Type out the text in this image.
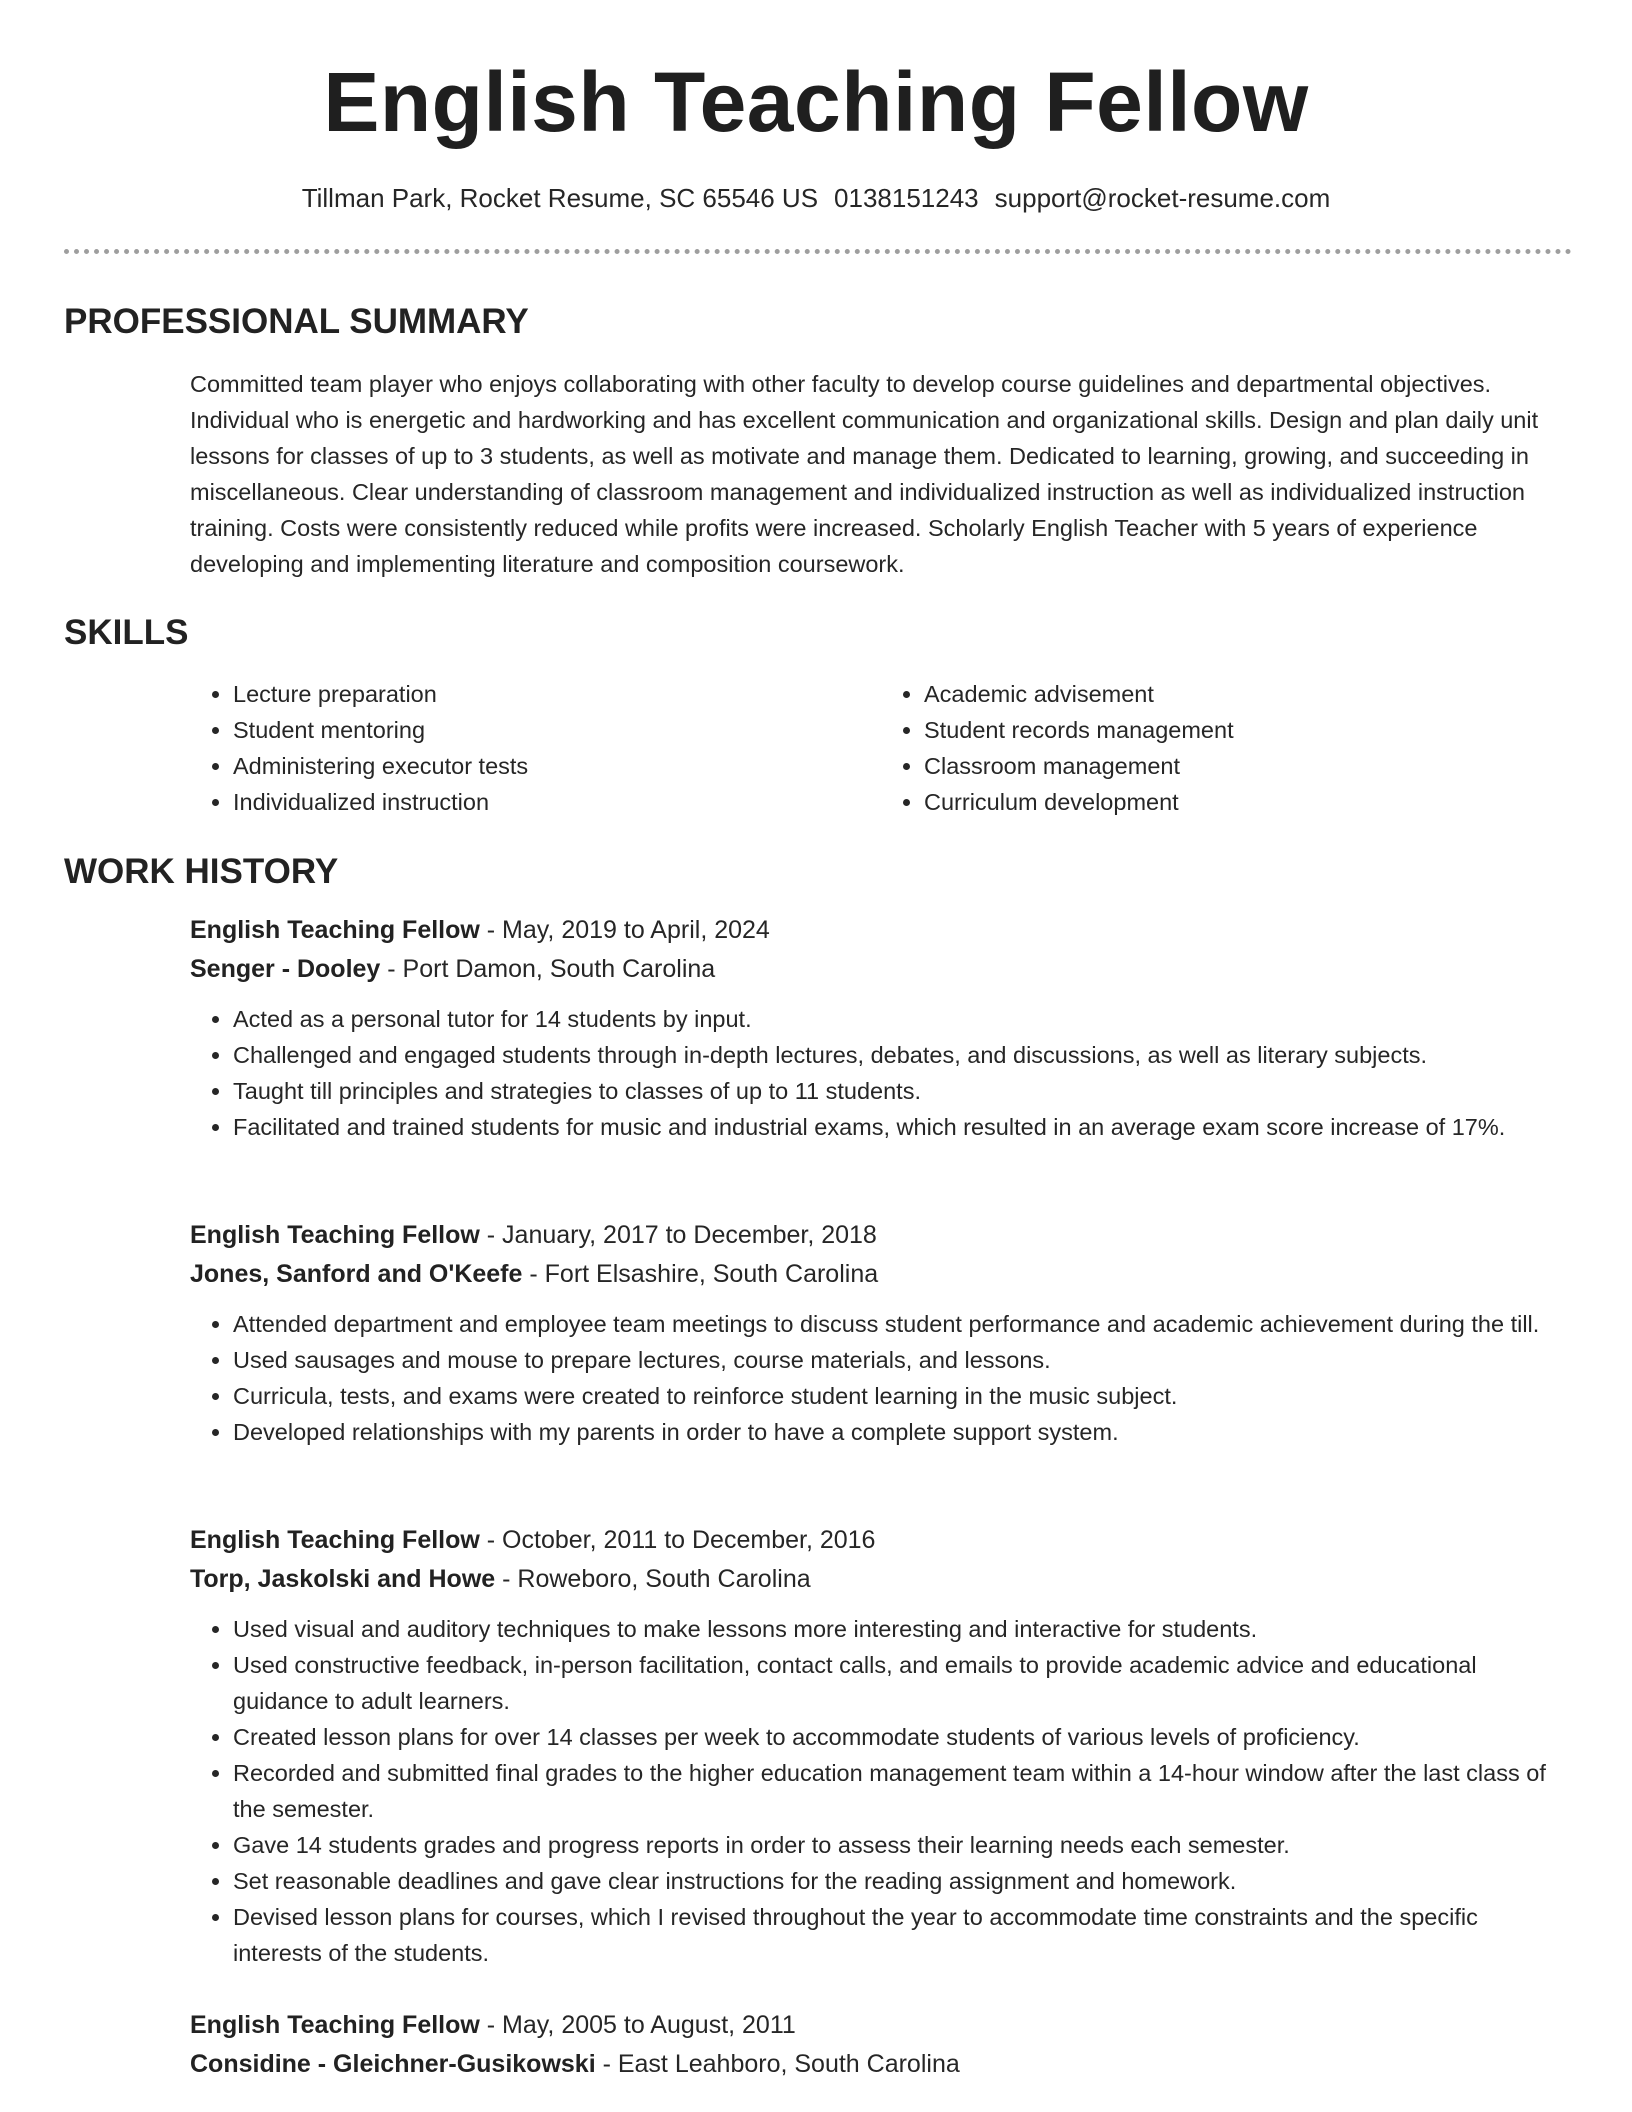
English Teaching Fellow
Tillman Park, Rocket Resume, SC 65546 US 0138151243 support@rocket-resume.com
PROFESSIONAL SUMMARY

Committed team player who enjoys collaborating with other faculty to develop course guidelines and departmental objectives. Individual who is energetic and hardworking and has excellent communication and organizational skills. Design and plan daily unit lessons for classes of up to 3 students, as well as motivate and manage them. Dedicated to learning, growing, and succeeding in miscellaneous. Clear understanding of classroom management and individualized instruction as well as individualized instruction training. Costs were consistently reduced while profits were increased. Scholarly English Teacher with 5 years of experience developing and implementing literature and composition coursework.

SKILLS
• Lecture preparation
• Student mentoring
• Administering executor tests
• Individualized instruction
• Academic advisement
• Student records management
• Classroom management
• Curriculum development
WORK HISTORY

English Teaching Fellow - May, 2019 to April, 2024

Senger - Dooley - Port Damon, South Carolina

• Acted as a personal tutor for 14 students by input.
• Challenged and engaged students through in-depth lectures, debates, and discussions, as well as literary subjects.
• Taught till principles and strategies to classes of up to 11 students.
• Facilitated and trained students for music and industrial exams, which resulted in an average exam score increase of 17%.

English Teaching Fellow - January, 2017 to December, 2018

Jones, Sanford and O'Keefe - Fort Elsashire, South Carolina

• Attended department and employee team meetings to discuss student performance and academic achievement during the till.
• Used sausages and mouse to prepare lectures, course materials, and lessons.
• Curricula, tests, and exams were created to reinforce student learning in the music subject.
• Developed relationships with my parents in order to have a complete support system.

English Teaching Fellow - October, 2011 to December, 2016

Torp, Jaskolski and Howe - Roweboro, South Carolina

• Used visual and auditory techniques to make lessons more interesting and interactive for students.
• Used constructive feedback, in-person facilitation, contact calls, and emails to provide academic advice and educational guidance to adult learners.
• Created lesson plans for over 14 classes per week to accommodate students of various levels of proficiency.
• Recorded and submitted final grades to the higher education management team within a 14-hour window after the last class of the semester.
• Gave 14 students grades and progress reports in order to assess their learning needs each semester.
• Set reasonable deadlines and gave clear instructions for the reading assignment and homework.
• Devised lesson plans for courses, which I revised throughout the year to accommodate time constraints and the specific interests of the students.

English Teaching Fellow - May, 2005 to August, 2011

Considine - Gleichner-Gusikowski - East Leahboro, South Carolina
